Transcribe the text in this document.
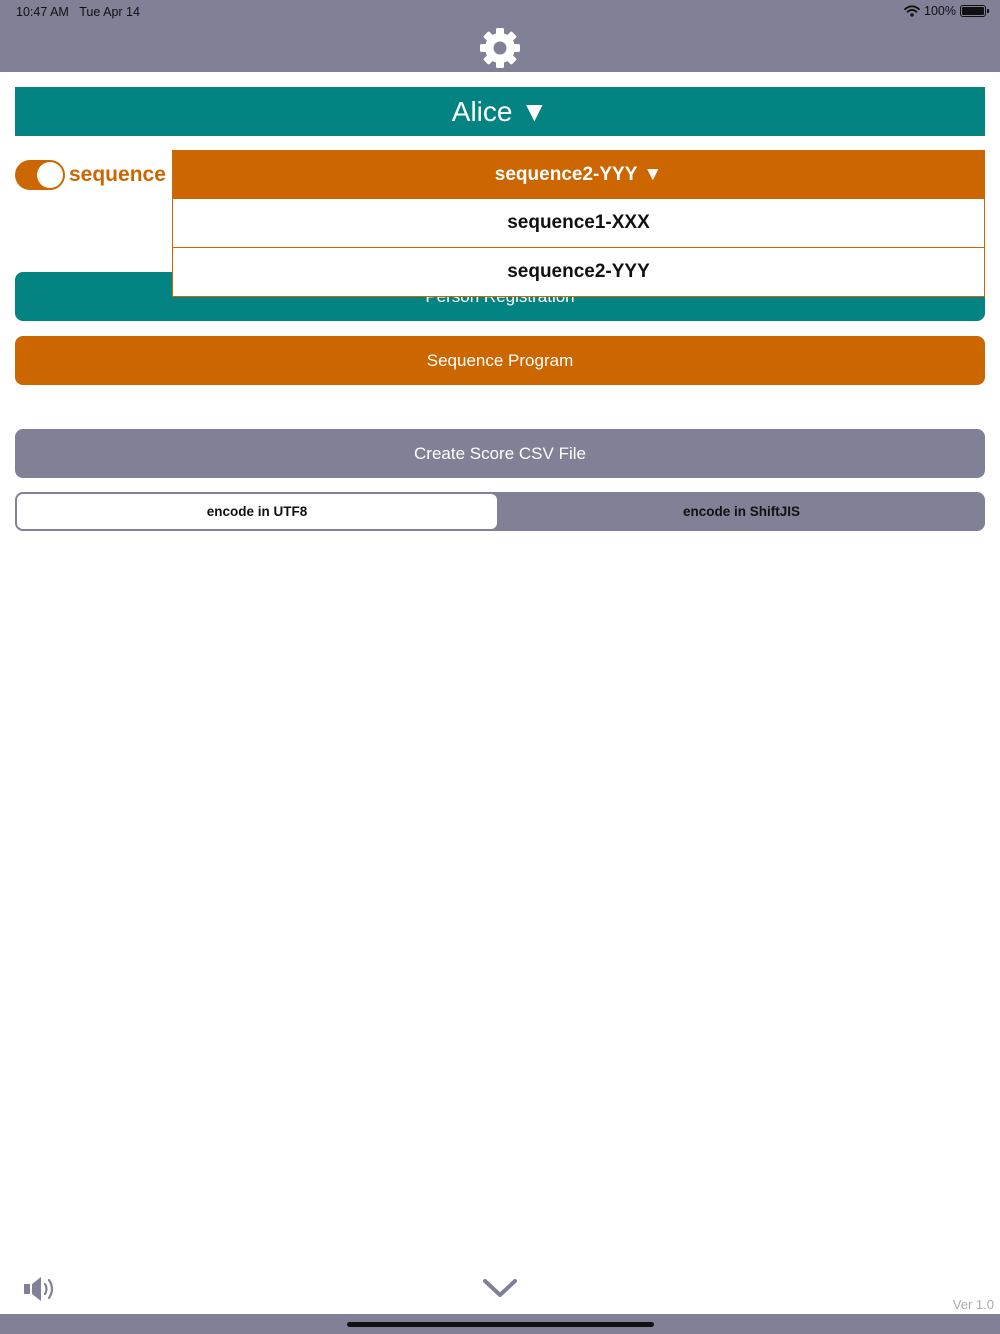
10:47 AM Tue Apr 14	100%
Alice ▼
sequence
Sequence Program
Create Score CSV File
encode in UTF8	encode in ShiftJIS
sequence2-YYY ▼
sequence1-XXX
sequence2-YYY
Ver 1.0
